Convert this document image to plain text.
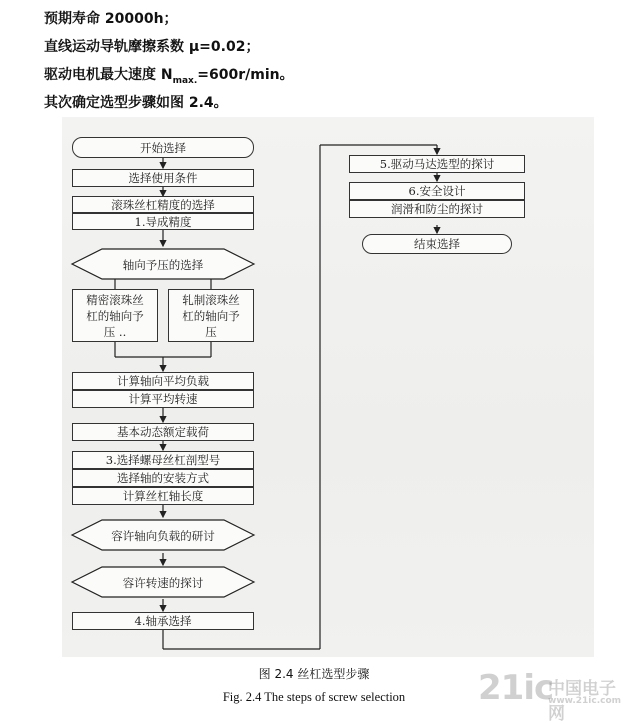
预期寿命 20000h；
直线运动导轨摩擦系数 μ=0.02；
驱动电机最大速度 $N_{max.}=600r/\min$。
其次确定选型步骤如图 2.4。
开始选择
选择使用条件
滚珠丝杠精度的选择
1.导成精度
轴向予压的选择
精密滚珠丝
杠的轴向予
压 ..
轧制滚珠丝
杠的轴向予
压
计算轴向平均负载
计算平均转速
基本动态额定载荷
3.选择螺母丝杠剖型号
选择轴的安装方式
计算丝杠轴长度
容许轴向负载的研讨
容许转速的探讨
4.轴承选择
5.驱动马达选型的探讨
6.安全设计
润滑和防尘的探讨
结束选择
图 2.4 丝杠选型步骤
Fig. 2.4 The steps of screw selection	21ic
中国电子网
www.21ic.com
